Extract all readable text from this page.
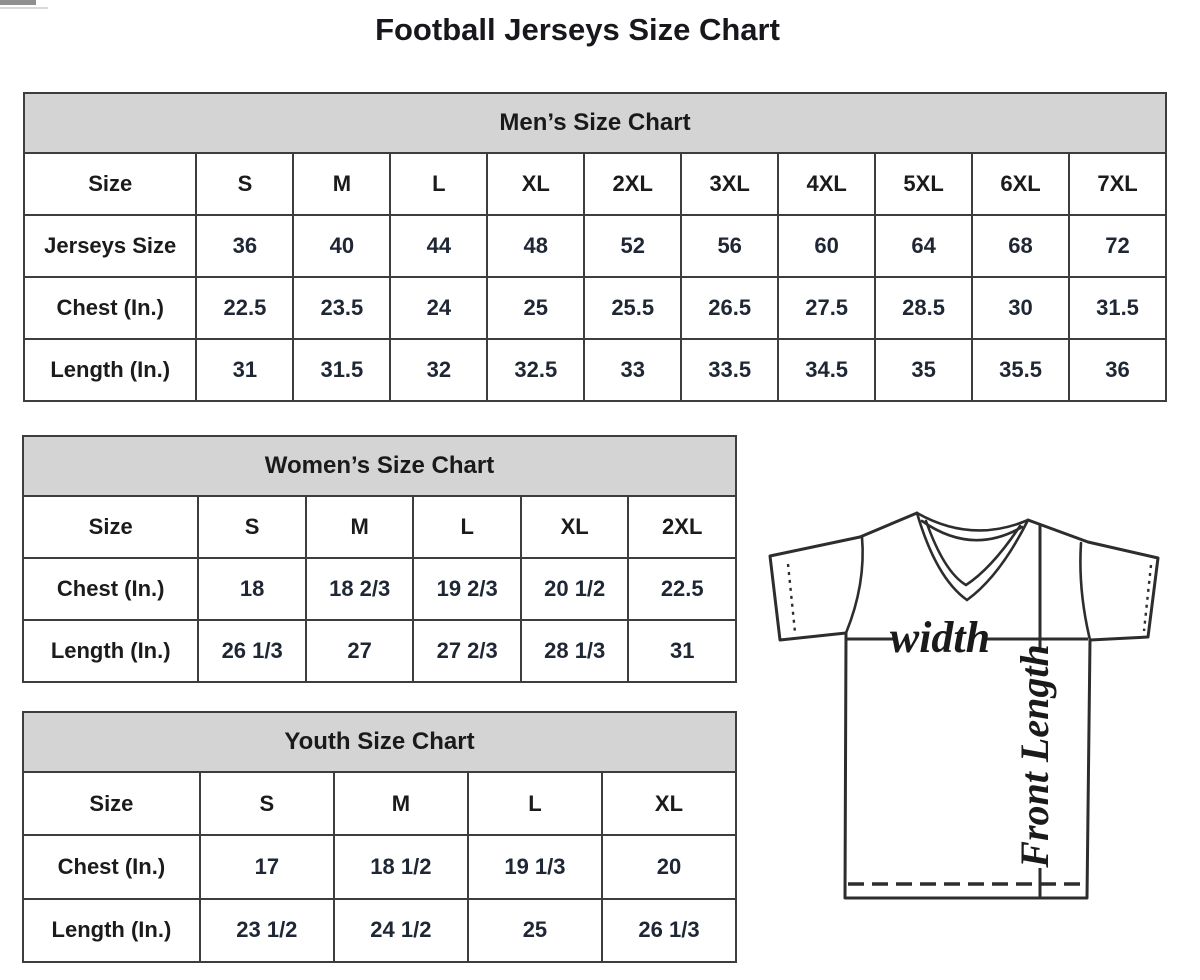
Football Jerseys Size Chart
Men’s Size Chart										
Size	S	M	L	XL	2XL	3XL	4XL	5XL	6XL	7XL
Jerseys Size	36	40	44	48	52	56	60	64	68	72
Chest (In.)	22.5	23.5	24	25	25.5	26.5	27.5	28.5	30	31.5
Length (In.)	31	31.5	32	32.5	33	33.5	34.5	35	35.5	36
Women’s Size Chart					
Size	S	M	L	XL	2XL
Chest (In.)	18	18 2/3	19 2/3	20 1/2	22.5
Length (In.)	26 1/3	27	27 2/3	28 1/3	31
Youth Size Chart				
Size	S	M	L	XL
Chest (In.)	17	18 1/2	19 1/3	20
Length (In.)	23 1/2	24 1/2	25	26 1/3
width
Front Length
